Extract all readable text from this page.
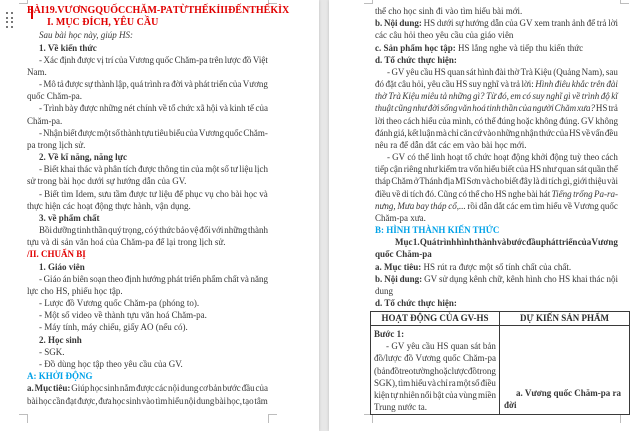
BÀI 19. VƯƠNG QUỐC CHĂM-PA TỪ THẾ KỈ II ĐẾN THẾ KÌ X
I. MỤC ĐÍCH, YÊU CẦU
Sau bài học này, giúp HS:
1. Về kiến thức
- Xác định được vị trí của Vương quốc Chăm-pa trên lược đồ Việt
Nam.
- Mô tả được sự thành lập, quá trình ra đời và phát triển của Vương
quốc Chăm-pa.
- Trình bày được những nét chính về tổ chức xã hội và kinh tế của
Chăm-pa.
- Nhận biết được một số thành tựu tiêu biểu của Vương quốc Chăm-
pa trong lịch sử.
2. Về kĩ năng, năng lực
- Biết khai thác và phân tích được thông tin của một số tư liệu lịch
sử trong bài học dưới sự hướng dẫn của GV.
- Biết tìm Idem, sưu tầm được tư liệu để phục vụ cho bài học và
thực hiện các hoạt động thực hành, vận dụng.
3. về phẩm chất
Bồi dưỡng tinh thần quý trọng, có ý thức bảo vệ đối với những thành
tựu và di sản văn hoá của Chăm-pa để lại trong lịch sử.
/II. CHUẨN BỊ
1. Giáo viên
- Giáo án biên soạn theo định hướng phát triển phẩm chất và năng
lực cho HS, phiếu học tập.
- Lược đồ Vương quốc Chăm-pa (phóng to).
- Một số video về thành tựu văn hoá Chăm-pa.
- Máy tính, máy chiếu, giấy AO (nếu có).
2. Học sinh
- SGK.
- Đồ dùng học tập theo yêu cầu của GV.
A: KHỞI ĐỘNG
a. Mục tiêu: Giúp học sinh nắm được các nội dung cơ bản bước đầu của
bài học cần đạt được, đưa học sinh vào tìm hiểu nội dung bài học, tạo tâm
thể cho học sinh đi vào tìm hiểu bài mới.
b. Nội dung: HS dưới sự hướng dẫn của GV xem tranh ảnh để trả lời
các câu hỏi theo yêu cầu của giáo viên
c. Sản phẩm học tập: HS lắng nghe và tiếp thu kiến thức
d. Tổ chức thực hiện:
- GV yêu cầu HS quan sát hình đài thờ Trà Kiệu (Quảng Nam), sau
đó đặt câu hỏi, yêu cầu HS suy nghĩ và trả lời: Hình điêu khắc trên đài
thờ Trà Kiệu miêu tả những gì? Từ đó, em có suy nghĩ gì về trình độ kĩ
thuật cũng như đời sống văn hoá tinh thần của người Chăm xưa? HS trả
lời theo cách hiểu của mình, có thể đúng hoặc không đúng. GV không
đánh giá, kết luận mà chỉ căn cứ vào những nhận thức của HS về vấn đều
nêu ra để dẫn dắt các em vào bài học mới.
- GV có thể linh hoạt tổ chức hoạt động khởi động tuỳ theo cách
tiếp cận riêng như kiểm tra vốn hiểu biết của HS như quan sát quần thể
tháp Chăm ở Thánh địa Mĩ Sơn và cho biết đây là di tích gì, giới thiệu vài
điều về di tích đó. Cũng có thể cho HS nghe bài hát Tiếng trống Pa-ra-
nưng, Mưa bay tháp cổ,... rồi dẫn dắt các em tìm hiểu về Vương quốc
Chăm-pa xưa.
B: HÌNH THÀNH KIẾN THỨC
Mục 1. Quá trình hình thành và bước đầu phát triển của Vương
quốc Chăm-pa
a. Mục tiêu: HS rút ra được một số tính chất của chất.
b. Nội dung: GV sử dụng kênh chữ, kênh hình cho HS khai thác nội
dung
d. Tổ chức thực hiện:
HOẠT ĐỘNG CỦA GV-HS	DỰ KIẾN SẢN PHẨM
Bước 1:
- GV yêu cầu HS quan sát bản
đồ/lược đồ Vương quốc Chăm-pa
(bản đồ treo tường hoặc lược đồ trong
SGK), tìm hiểu và chỉ ra một số điều
kiện tự nhiên nổi bật của vùng miền
Trung nước ta.
a. Vương quốc Chăm-pa ra
đời
